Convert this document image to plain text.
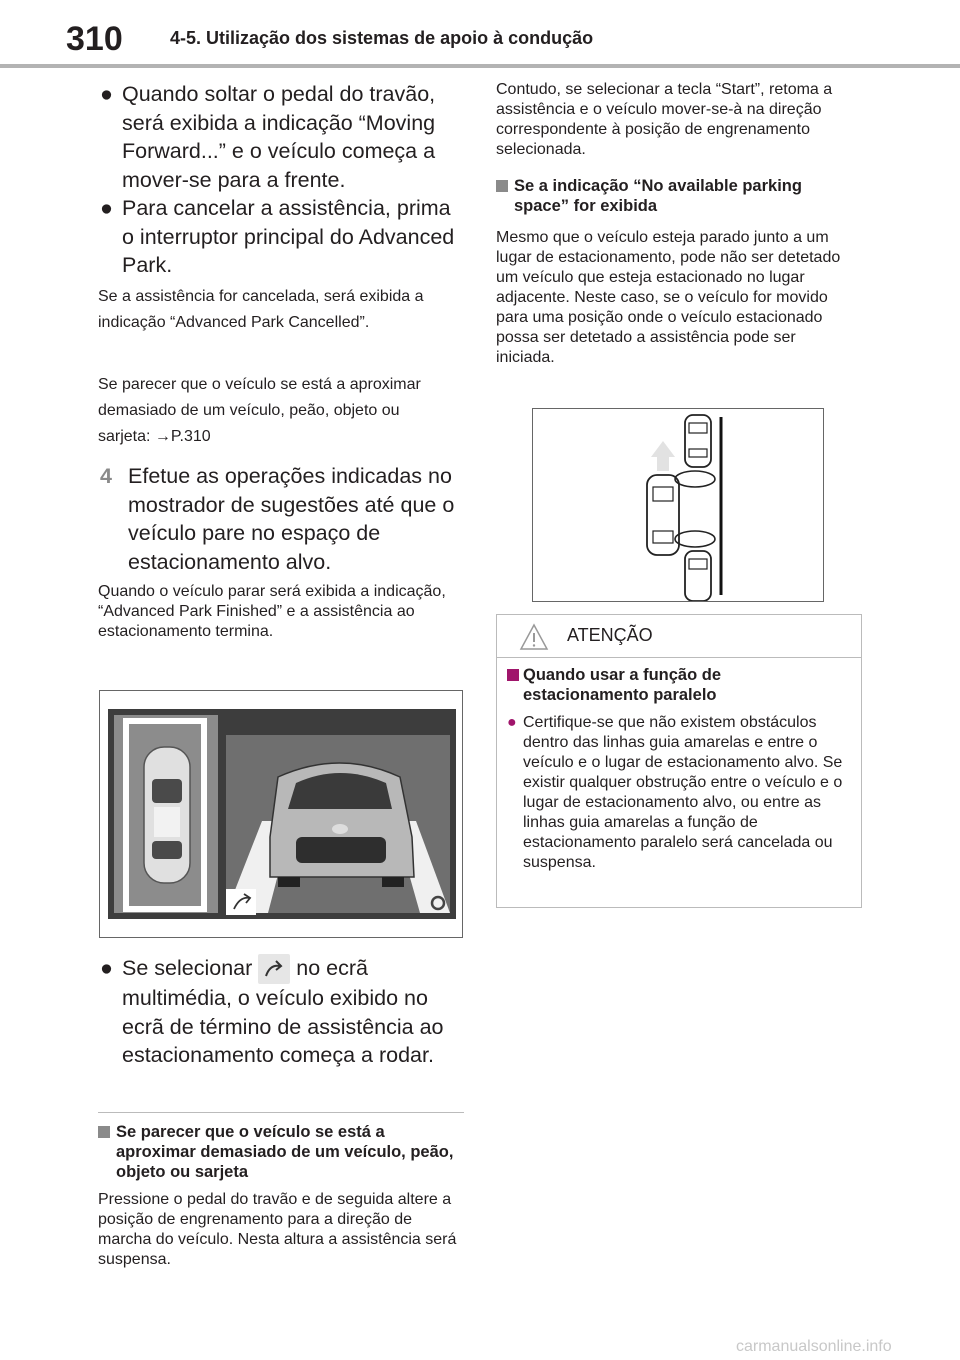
310	4-5. Utilização dos sistemas de apoio à condução
● Quando soltar o pedal do travão, será exibida a indicação “Moving Forward...” e o veículo começa a mover-se para a frente.
● Para cancelar a assistência, prima o interruptor principal do Advanced Park.
Se a assistência for cancelada, será exibida a indicação “Advanced Park Cancelled”.
Se parecer que o veículo se está a aproximar demasiado de um veículo, peão, objeto ou sarjeta: →P.310
4 Efetue as operações indicadas no mostrador de sugestões até que o veículo pare no espaço de estacionamento alvo.
Quando o veículo parar será exibida a indicação, “Advanced Park Finished” e a assistência ao estacionamento termina.
● Se selecionar no ecrã multimédia, o veículo exibido no ecrã de término de assistência ao estacionamento começa a rodar.
Se parecer que o veículo se está a aproximar demasiado de um veículo, peão, objeto ou sarjeta
Pressione o pedal do travão e de seguida altere a posição de engrenamento para a direção de marcha do veículo. Nesta altura a assistência será suspensa.
Contudo, se selecionar a tecla “Start”, retoma a assistência e o veículo mover-se-à na direção correspondente à posição de engrenamento selecionada.
Se a indicação “No available parking space” for exibida
Mesmo que o veículo esteja parado junto a um lugar de estacionamento, pode não ser detetado um veículo que esteja estacionado no lugar adjacente. Neste caso, se o veículo for movido para uma posição onde o veículo estacionado possa ser detetado a assistência pode ser iniciada.
ATENÇÃO
Quando usar a função de estacionamento paralelo
● Certifique-se que não existem obstáculos dentro das linhas guia amarelas e entre o veículo e o lugar de estacionamento alvo. Se existir qualquer obstrução entre o veículo e o lugar de estacionamento alvo, ou entre as linhas guia amarelas a função de estacionamento paralelo será cancelada ou suspensa.
carmanualsonline.info
